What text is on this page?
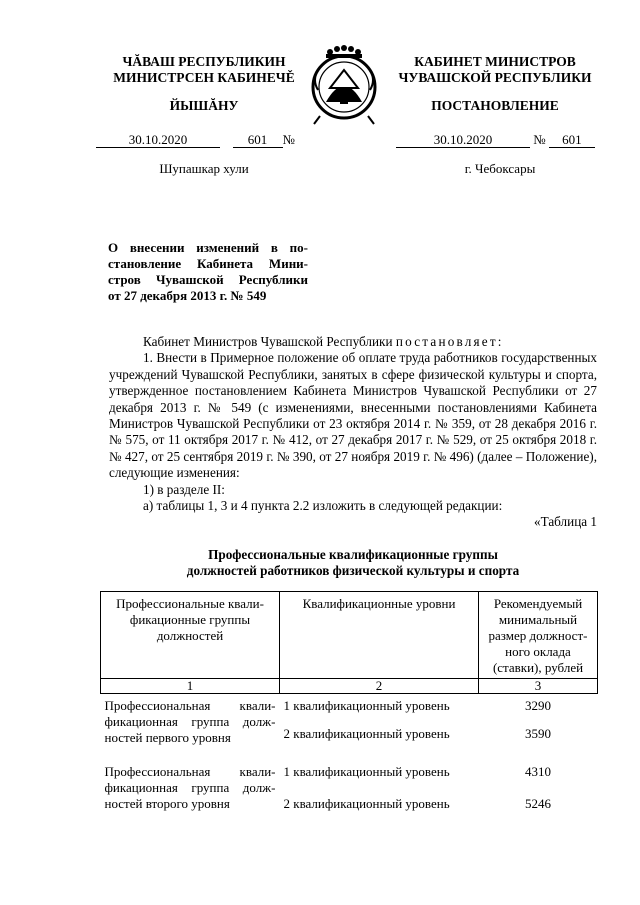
ЧĂВАШ РЕСПУБЛИКИН
МИНИСТРСЕН КАБИНЕЧĚ
ЙЫШĂНУ
30.10.2020	601 №
Шупашкар хули
КАБИНЕТ МИНИСТРОВ
ЧУВАШСКОЙ РЕСПУБЛИКИ
ПОСТАНОВЛЕНИЕ
30.10.2020	№ 601
г. Чебоксары
О внесении изменений в по-
становление Кабинета Мини-
стров Чувашской Республики
от 27 декабря 2013 г. № 549

Кабинет Министров Чувашской Республики постановляет:

1. Внести в Примерное положение об оплате труда работников государственных учреждений Чувашской Республики, занятых в сфере физической культуры и спорта, утвержденное постановлением Кабинета Министров Чувашской Республики от 27 декабря 2013 г. № 549 (с изменениями, внесенными постановлениями Кабинета Министров Чувашской Республики от 23 октября 2014 г. № 359, от 28 декабря 2016 г. № 575, от 11 октября 2017 г. № 412, от 27 декабря 2017 г. № 529, от 25 октября 2018 г. № 427, от 25 сентября 2019 г. № 390, от 27 ноября 2019 г. № 496) (далее – Положение), следующие изменения:

1) в разделе II:

а) таблицы 1, 3 и 4 пункта 2.2 изложить в следующей редакции:

«Таблица 1

Профессиональные квалификационные группы
должностей работников физической культуры и спорта
Профессиональные квали-фикационные группы должностей	Квалификационные уровни	Рекомендуемый минимальный размер должност-ного оклада (ставки), рублей
1	2	3
Профессиональная квали-фикационная группа долж-ностей первого уровня	1 квалификационный уровень	3290
	2 квалификационный уровень	3590
Профессиональная квали-фикационная группа долж-ностей второго уровня	1 квалификационный уровень	4310
	2 квалификационный уровень	5246
